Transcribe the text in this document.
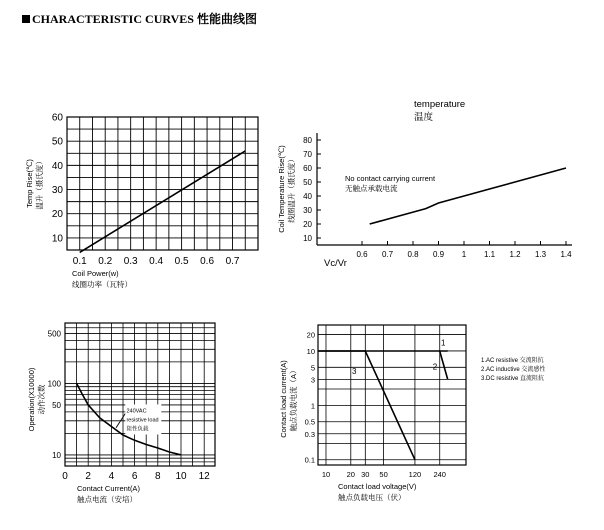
CHARACTERISTIC CURVES 性能曲线图
0.1 0.2 0.3 0.4 0.5 0.6 0.7
10
20
30
40
50
60
Coil Power(w)
线圈功率（瓦特）
Temp Rise(℃) 温升（摄氏度）
10
20
30
40
50
60
70
80
0.6 0.7 0.8 0.9 1 1.1 1.2 1.3 1.4
temperature
温度
No contact carrying current
无触点承载电流
Vc/Vr
Coil Temperature Rise(℃) 线圈温升（摄氏度）
0 2 4 6 8 10 12
10
50
100
500
240VAC
resistive load
阻性负载
Contact Current(A)
触点电流（安培）
Operation(X10000) 动作次数
10 20 30 50	120 240
0.1
0.3
0.5
1
3
5
10
20
1
2
3
1.AC resistive 交流阻抗
2.AC inductive 交流感性
3.DC resistive 直流阻抗
Contact load voltage(V)
触点负载电压（伏）
Contact load current(A) 触点负载电流（A）
